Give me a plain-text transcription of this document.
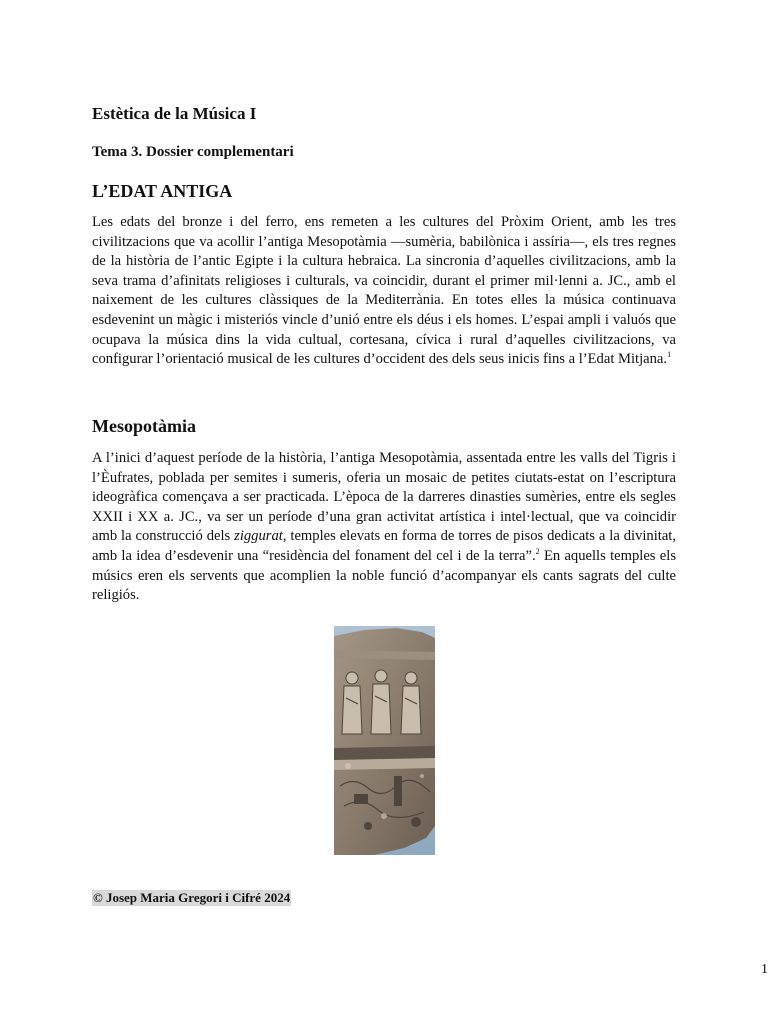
Estètica de la Música I
Tema 3. Dossier complementari
L’EDAT ANTIGA

Les edats del bronze i del ferro, ens remeten a les cultures del Pròxim Orient, amb les tres civilitzacions que va acollir l’antiga Mesopotàmia —sumèria, babilònica i assíria—, els tres regnes de la història de l’antic Egipte i la cultura hebraica. La sincronia d’aquelles civilitzacions, amb la seva trama d’afinitats religioses i culturals, va coincidir, durant el primer mil·lenni a. JC., amb el naixement de les cultures clàssiques de la Mediterrània. En totes elles la música continuava esdevenint un màgic i misteriós vincle d’unió entre els déus i els homes. L’espai ampli i valuós que ocupava la música dins la vida cultual, cortesana, cívica i rural d’aquelles civilitzacions, va configurar l’orientació musical de les cultures d’occident des dels seus inicis fins a l’Edat Mitjana.$^1$

Mesopotàmia

A l’inici d’aquest període de la història, l’antiga Mesopotàmia, assentada entre les valls del Tigris i l’Èufrates, poblada per semites i sumeris, oferia un mosaic de petites ciutats-estat on l’escriptura ideogràfica començava a ser practicada. L’època de la darreres dinasties sumèries, entre els segles XXII i XX a. JC., va ser un període d’una gran activitat artística i intel·lectual, que va coincidir amb la construcció dels ziggurat, temples elevats en forma de torres de pisos dedicats a la divinitat, amb la idea d’esdevenir una “residència del fonament del cel i de la terra”.$^2$ En aquells temples els músics eren els servents que acomplien la noble funció d’acompanyar els cants sagrats del culte religiós.

© Josep Maria Gregori i Cifré 2024

1
